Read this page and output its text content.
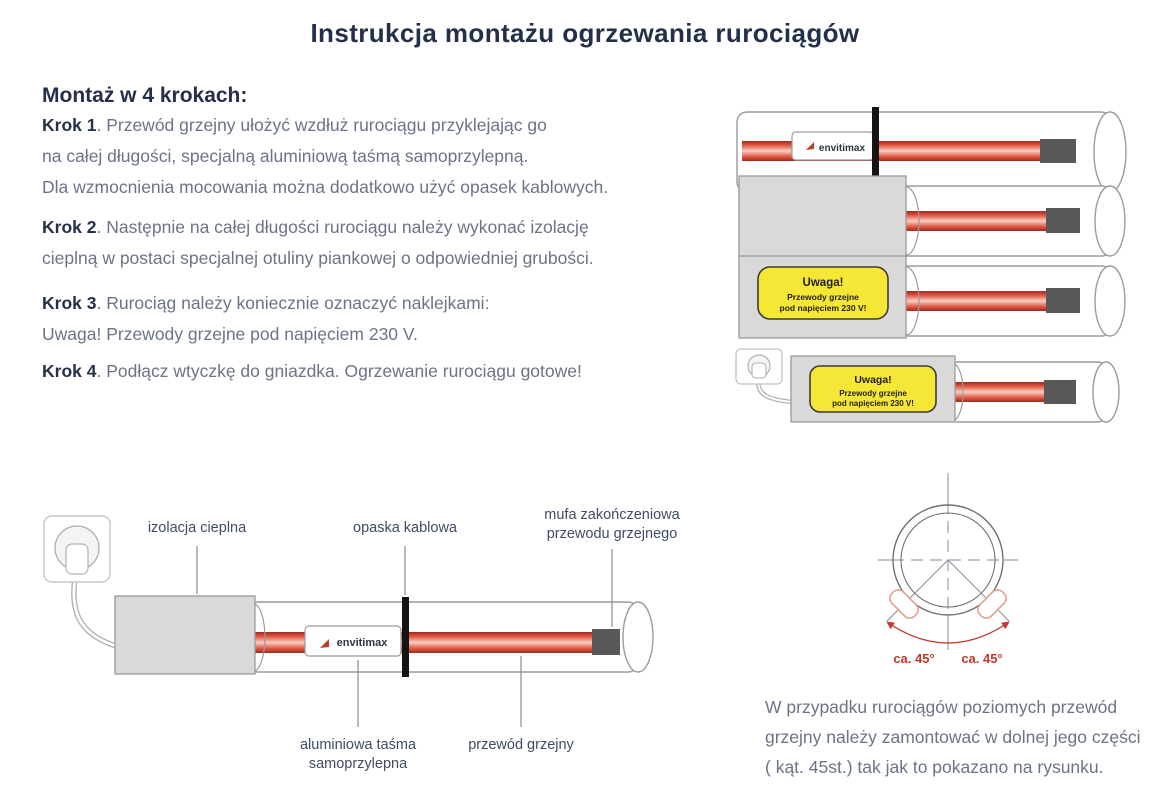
Instrukcja montażu ogrzewania rurociągów
Montaż w 4 krokach:

Krok 1. Przewód grzejny ułożyć wzdłuż rurociągu przyklejając go
na całej długości, specjalną aluminiową taśmą samoprzylepną.
Dla wzmocnienia mocowania można dodatkowo użyć opasek kablowych.

Krok 2. Następnie na całej długości rurociągu należy wykonać izolację
cieplną w postaci specjalnej otuliny piankowej o odpowiedniej grubości.

Krok 3. Rurociąg należy koniecznie oznaczyć naklejkami:
Uwaga! Przewody grzejne pod napięciem 230 V.

Krok 4. Podłącz wtyczkę do gniazdka. Ogrzewanie rurociągu gotowe!

envitimax
Uwaga!
Przewody grzejne
pod napięciem 230 V!
Uwaga!
Przewody grzejne
pod napięciem 230 V!
envitimax
ca. 45° ca. 45°
izolacja cieplna	opaska kablowa
mufa zakończeniowa
przewodu grzejnego
aluminiowa taśma
samoprzylepna
przewód grzejny

W przypadku rurociągów poziomych przewód
grzejny należy zamontować w dolnej jego części
( kąt. 45st.) tak jak to pokazano na rysunku.
